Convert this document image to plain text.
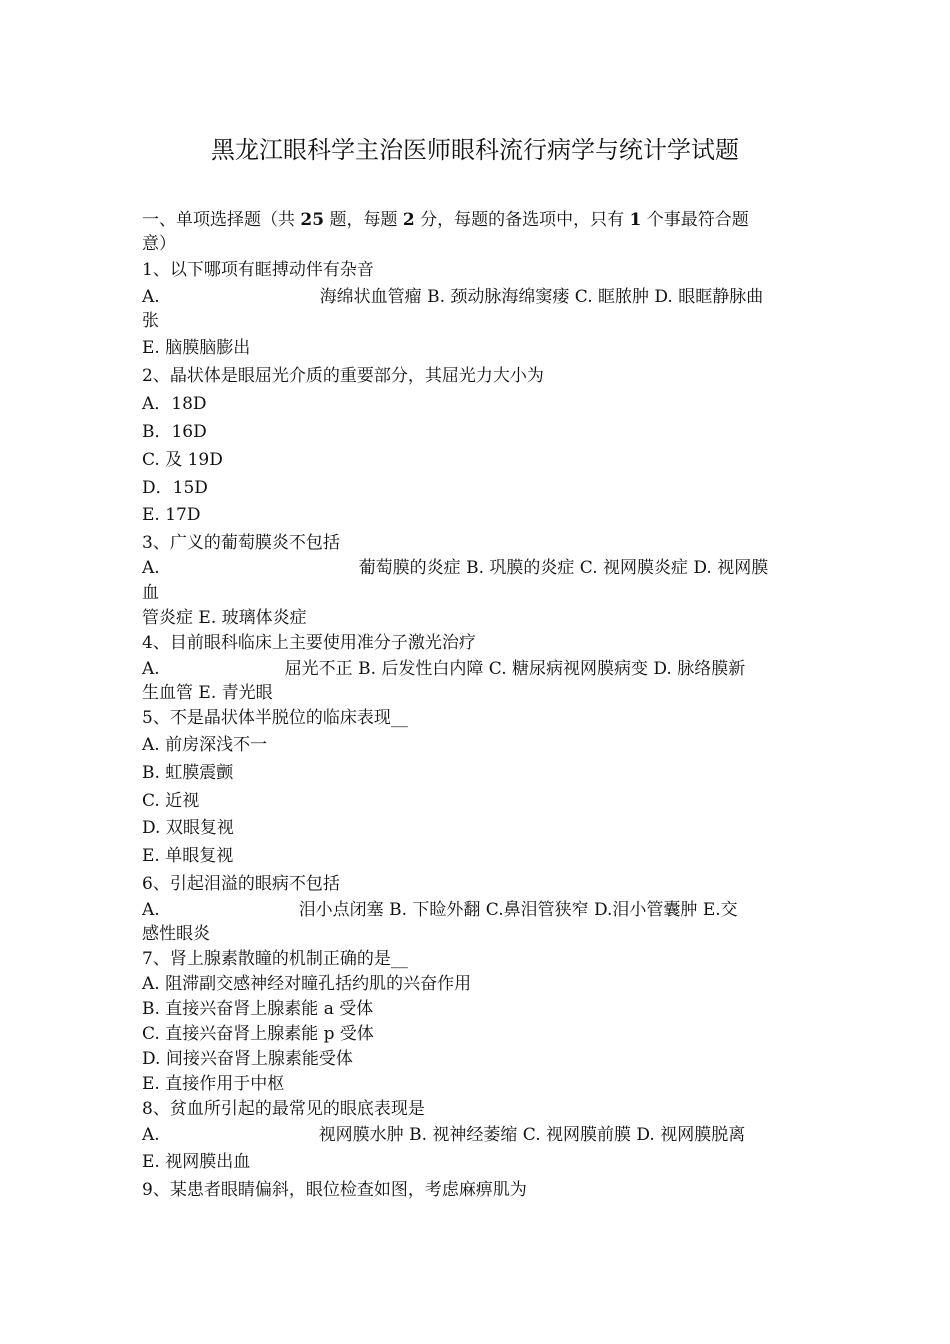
黑龙江眼科学主治医师眼科流行病学与统计学试题
一、单项选择题（共 25 题，每题 2 分，每题的备选项中，只有 1 个事最符合题
意）
1、以下哪项有眶搏动伴有杂音
A.	海绵状血管瘤 B. 颈动脉海绵窦瘘 C. 眶脓肿 D. 眼眶静脉曲
张
E. 脑膜脑膨出
2、晶状体是眼屈光介质的重要部分，其屈光力大小为
A．18D
B．16D
C. 及 19D
D．15D
E. 17D
3、广义的葡萄膜炎不包括
A.	葡萄膜的炎症 B. 巩膜的炎症 C. 视网膜炎症 D. 视网膜
血
管炎症 E. 玻璃体炎症
4、目前眼科临床上主要使用准分子激光治疗
A.	屈光不正 B. 后发性白内障 C. 糖尿病视网膜病变 D. 脉络膜新
生血管 E. 青光眼
5、不是晶状体半脱位的临床表现__
A. 前房深浅不一
B. 虹膜震颤
C. 近视
D. 双眼复视
E. 单眼复视
6、引起泪溢的眼病不包括
A.	泪小点闭塞 B. 下睑外翻 C.鼻泪管狭窄 D.泪小管囊肿 E.交
感性眼炎
7、肾上腺素散瞳的机制正确的是__
A. 阻滞副交感神经对瞳孔括约肌的兴奋作用
B. 直接兴奋肾上腺素能 a 受体
C. 直接兴奋肾上腺素能 p 受体
D. 间接兴奋肾上腺素能受体
E. 直接作用于中枢
8、贫血所引起的最常见的眼底表现是
A.	视网膜水肿 B. 视神经萎缩 C. 视网膜前膜 D. 视网膜脱离
E. 视网膜出血
9、某患者眼睛偏斜，眼位检查如图，考虑麻痹肌为
